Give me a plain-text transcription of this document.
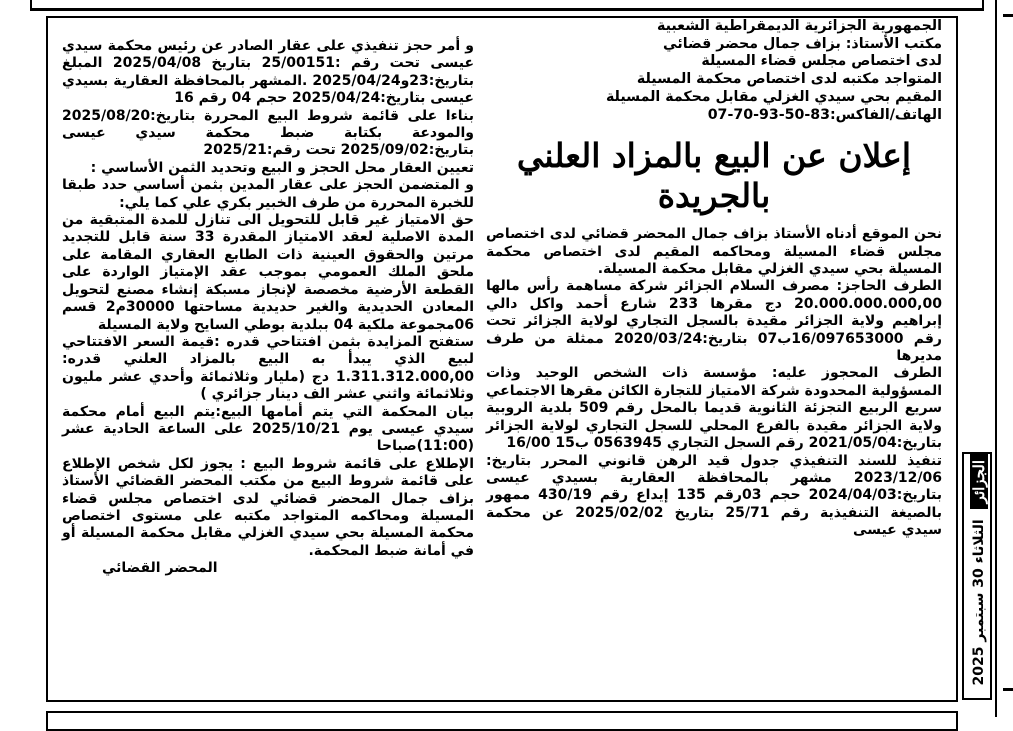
الجمهورية الجزائرية الديمقراطية الشعبية

مكتب الأستاذ: بزاف جمال محضر قضائي

لدى اختصاص مجلس قضاء المسيلة

المتواجد مكتبه لدى اختصاص محكمة المسيلة

المقيم بحي سيدي الغزلي مقابل محكمة المسيلة

الهاتف/الفاكس:83-50-93-70-07

إعلان عن البيع بالمزاد العلني بالجريدة

نحن الموقع أدناه الأستاذ بزاف جمال المحضر قضائي لدى اختصاص مجلس قضاء المسيلة ومحاكمه المقيم لدى اختصاص محكمة المسيلة بحي سيدي الغزلي مقابل محكمة المسيلة.

الطرف الحاجز: مصرف السلام الجزائر شركة مساهمة رأس مالها 20.000.000.000,00 دج مقرها 233 شارع أحمد واكل دالي إبراهيم ولاية الجزائر مقيدة بالسجل التجاري لولاية الجزائر تحت رقم 16/097653000ب07 بتاريخ:2020/03/24 ممثلة من طرف مديرها

الطرف المحجوز عليه: مؤسسة ذات الشخص الوحيد وذات المسؤولية المحدودة شركة الامتياز للتجارة الكائن مقرها الاجتماعي سريع الربيع التجزئة الثانوية قديما بالمحل رقم 509 بلدية الروبية ولاية الجزائر مقيدة بالفرع المحلي للسجل التجاري لولاية الجزائر بتاريخ:2021/05/04 رقم السجل التجاري 0563945 ب15 16/00

تنفيذ للسند التنفيذي جدول قيد الرهن قانوني المحرر بتاريخ: 2023/12/06 مشهر بالمحافظة العقارية بسيدي عيسى بتاريخ:2024/04/03 حجم 03رقم 135 إيداع رقم 430/19 ممهور بالصيغة التنفيذية رقم 25/71 بتاريخ 2025/02/02 عن محكمة سيدي عيسى

و أمر حجز تنفيذي على عقار الصادر عن رئيس محكمة سيدي عيسى تحت رقم :25/00151 بتاريخ 2025/04/08 المبلغ بتاريخ:23و2025/04/24 .المشهر بالمحافظة العقارية بسيدي عيسى بتاريخ:2025/04/24 حجم 04 رقم 16

بناءا على قائمة شروط البيع المحررة بتاريخ:2025/08/20 والمودعة بكتابة ضبط محكمة سيدي عيسى بتاريخ:2025/09/02 تحت رقم:2025/21

تعيين العقار محل الحجز و البيع وتحديد الثمن الأساسي :

و المتضمن الحجز على عقار المدين بثمن أساسي حدد طبقا للخبرة المحررة من طرف الخبير بكري علي كما يلي:

حق الامتياز غير قابل للتحويل الى تنازل للمدة المتبقية من المدة الاصلية لعقد الامتياز المقدرة 33 سنة قابل للتجديد مرتين والحقوق العينية ذات الطابع العقاري المقامة على ملحق الملك العمومي بموجب عقد الإمتياز الواردة على القطعة الأرضية مخصصة لإنجاز مسبكة إنشاء مصنع لتحويل المعادن الحديدية والغير حديدية مساحتها 30000م2 قسم 06مجموعة ملكية 04 ببلدية بوطي السايح ولاية المسيلة

ستفتح المزايدة بثمن افتتاحي قدره :قيمة السعر الافتتاحي لبيع الذي يبدأ به البيع بالمزاد العلني قدره: 1.311.312.000,00 دج (مليار وثلاثمائة وأحدي عشر مليون وثلاثمائة واثني عشر الف دينار جزائري )

بيان المحكمة التي يتم أمامها البيع:يتم البيع أمام محكمة سيدي عيسى يوم 2025/10/21 على الساعة الحادية عشر (11:00)صباحا

الإطلاع على قائمة شروط البيع : يجوز لكل شخص الإطلاع على قائمة شروط البيع من مكتب المحضر القضائي الأستاذ بزاف جمال المحضر قضائي لدى اختصاص مجلس قضاء المسيلة ومحاكمه المتواجد مكتبه على مستوى اختصاص محكمة المسيلة بحي سيدي الغزلي مقابل محكمة المسيلة أو في أمانة ضبط المحكمة.

المحضر القضائي
الجزائر
الثلاثاء 30 سبتمبر 2025
